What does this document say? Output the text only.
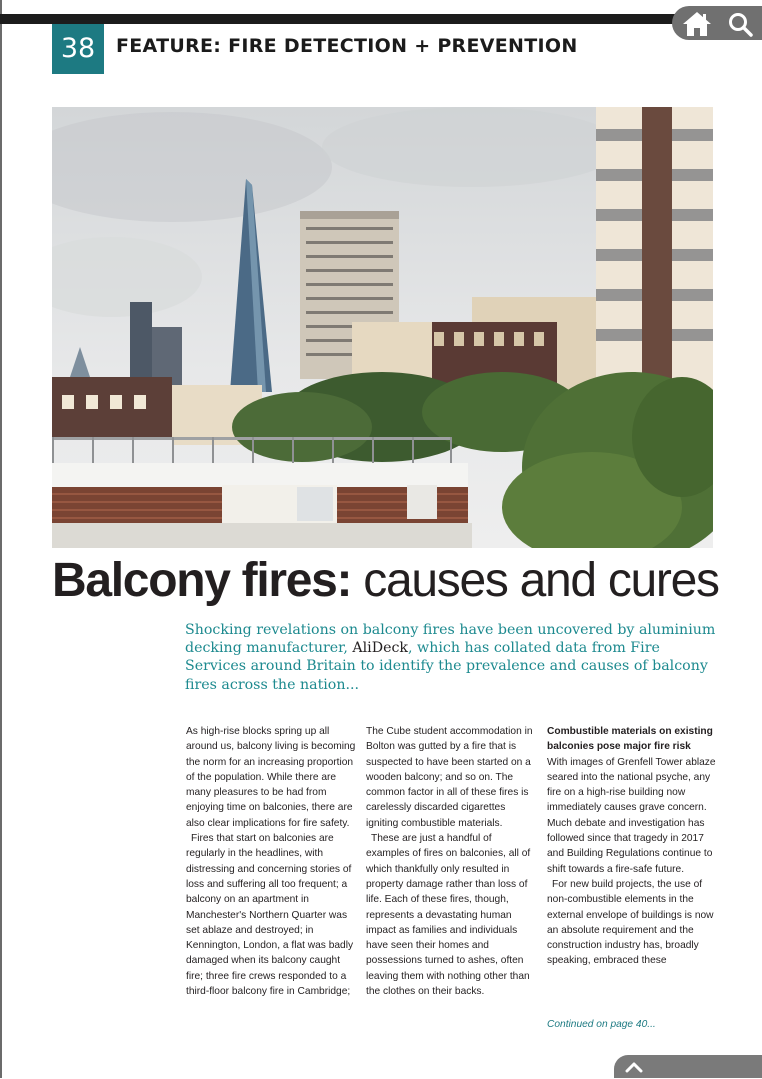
38	FEATURE: FIRE DETECTION + PREVENTION
Balcony fires: causes and cures
Shocking revelations on balcony fires have been uncovered by aluminium decking manufacturer, AliDeck, which has collated data from Fire Services around Britain to identify the prevalence and causes of balcony fires across the nation...

As high-rise blocks spring up all around us, balcony living is becoming the norm for an increasing proportion of the population. While there are many pleasures to be had from enjoying time on balconies, there are also clear implications for fire safety.

Fires that start on balconies are regularly in the headlines, with distressing and concerning stories of loss and suffering all too frequent; a balcony on an apartment in Manchester's Northern Quarter was set ablaze and destroyed; in Kennington, London, a flat was badly damaged when its balcony caught fire; three fire crews responded to a third-floor balcony fire in Cambridge;

The Cube student accommodation in Bolton was gutted by a fire that is suspected to have been started on a wooden balcony; and so on. The common factor in all of these fires is carelessly discarded cigarettes igniting combustible materials.

These are just a handful of examples of fires on balconies, all of which thankfully only resulted in property damage rather than loss of life. Each of these fires, though, represents a devastating human impact as families and individuals have seen their homes and possessions turned to ashes, often leaving them with nothing other than the clothes on their backs.

Combustible materials on existing balconies pose major fire risk

With images of Grenfell Tower ablaze seared into the national psyche, any fire on a high-rise building now immediately causes grave concern. Much debate and investigation has followed since that tragedy in 2017 and Building Regulations continue to shift towards a fire-safe future.

For new build projects, the use of non-combustible elements in the external envelope of buildings is now an absolute requirement and the construction industry has, broadly speaking, embraced these

Continued on page 40...
